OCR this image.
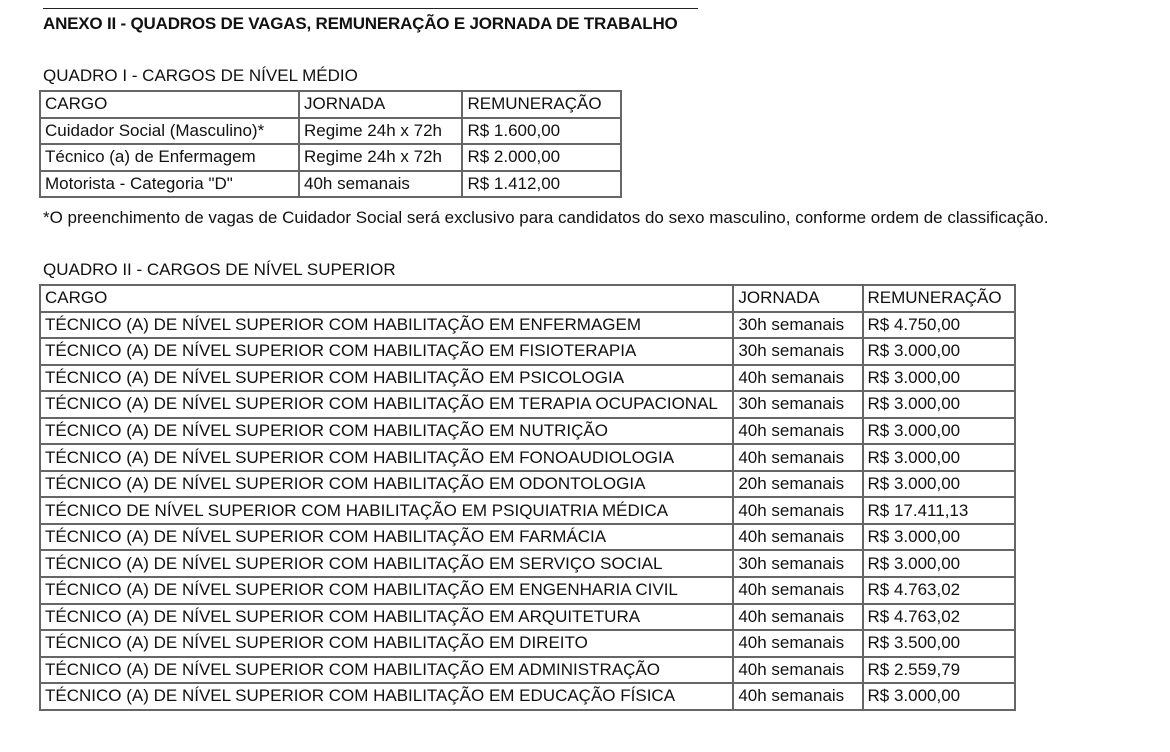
ANEXO II - QUADROS DE VAGAS, REMUNERAÇÃO E JORNADA DE TRABALHO
QUADRO I - CARGOS DE NÍVEL MÉDIO
CARGO	JORNADA	REMUNERAÇÃO
Cuidador Social (Masculino)*	Regime 24h x 72h	R$ 1.600,00
Técnico (a) de Enfermagem	Regime 24h x 72h	R$ 2.000,00
Motorista - Categoria "D"	40h semanais	R$ 1.412,00
*O preenchimento de vagas de Cuidador Social será exclusivo para candidatos do sexo masculino, conforme ordem de classificação.
QUADRO II - CARGOS DE NÍVEL SUPERIOR
CARGO	JORNADA	REMUNERAÇÃO
TÉCNICO (A) DE NÍVEL SUPERIOR COM HABILITAÇÃO EM ENFERMAGEM	30h semanais	R$ 4.750,00
TÉCNICO (A) DE NÍVEL SUPERIOR COM HABILITAÇÃO EM FISIOTERAPIA	30h semanais	R$ 3.000,00
TÉCNICO (A) DE NÍVEL SUPERIOR COM HABILITAÇÃO EM PSICOLOGIA	40h semanais	R$ 3.000,00
TÉCNICO (A) DE NÍVEL SUPERIOR COM HABILITAÇÃO EM TERAPIA OCUPACIONAL	30h semanais	R$ 3.000,00
TÉCNICO (A) DE NÍVEL SUPERIOR COM HABILITAÇÃO EM NUTRIÇÃO	40h semanais	R$ 3.000,00
TÉCNICO (A) DE NÍVEL SUPERIOR COM HABILITAÇÃO EM FONOAUDIOLOGIA	40h semanais	R$ 3.000,00
TÉCNICO (A) DE NÍVEL SUPERIOR COM HABILITAÇÃO EM ODONTOLOGIA	20h semanais	R$ 3.000,00
TÉCNICO DE NÍVEL SUPERIOR COM HABILITAÇÃO EM PSIQUIATRIA MÉDICA	40h semanais	R$ 17.411,13
TÉCNICO (A) DE NÍVEL SUPERIOR COM HABILITAÇÃO EM FARMÁCIA	40h semanais	R$ 3.000,00
TÉCNICO (A) DE NÍVEL SUPERIOR COM HABILITAÇÃO EM SERVIÇO SOCIAL	30h semanais	R$ 3.000,00
TÉCNICO (A) DE NÍVEL SUPERIOR COM HABILITAÇÃO EM ENGENHARIA CIVIL	40h semanais	R$ 4.763,02
TÉCNICO (A) DE NÍVEL SUPERIOR COM HABILITAÇÃO EM ARQUITETURA	40h semanais	R$ 4.763,02
TÉCNICO (A) DE NÍVEL SUPERIOR COM HABILITAÇÃO EM DIREITO	40h semanais	R$ 3.500,00
TÉCNICO (A) DE NÍVEL SUPERIOR COM HABILITAÇÃO EM ADMINISTRAÇÃO	40h semanais	R$ 2.559,79
TÉCNICO (A) DE NÍVEL SUPERIOR COM HABILITAÇÃO EM EDUCAÇÃO FÍSICA	40h semanais	R$ 3.000,00
